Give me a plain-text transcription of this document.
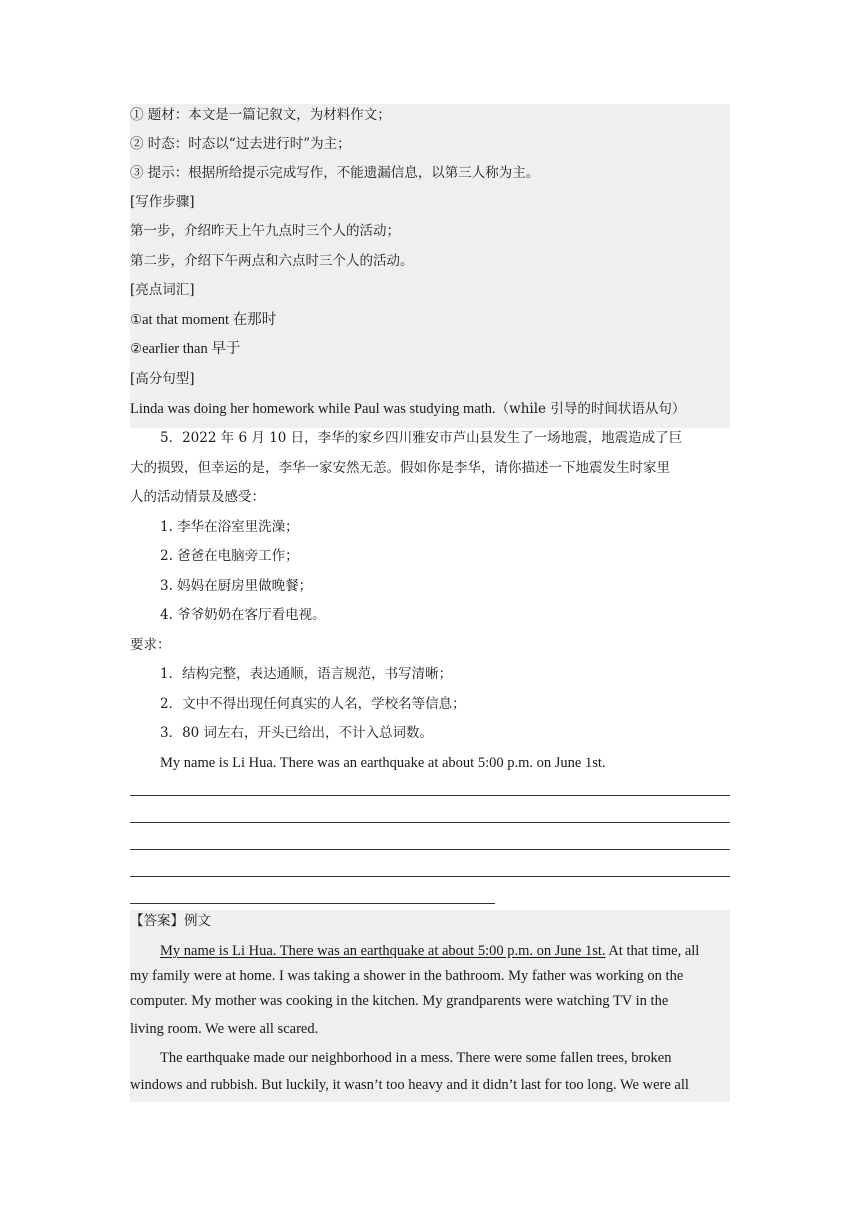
① 题材：本文是一篇记叙文，为材料作文；
② 时态：时态以“过去进行时”为主；
③ 提示：根据所给提示完成写作，不能遗漏信息，以第三人称为主。
[写作步骤]
第一步，介绍昨天上午九点时三个人的活动；
第二步，介绍下午两点和六点时三个人的活动。
[亮点词汇]
①at that moment 在那时
②earlier than 早于
[高分句型]
Linda was doing her homework while Paul was studying math.（while 引导的时间状语从句）
5．2022 年 6 月 10 日，李华的家乡四川雅安市芦山县发生了一场地震，地震造成了巨
大的损毁，但幸运的是，李华一家安然无恙。假如你是李华，请你描述一下地震发生时家里
人的活动情景及感受：
1. 李华在浴室里洗澡；
2. 爸爸在电脑旁工作；
3. 妈妈在厨房里做晚餐；
4. 爷爷奶奶在客厅看电视。
要求：
1．结构完整，表达通顺，语言规范，书写清晰；
2．文中不得出现任何真实的人名，学校名等信息；
3．80 词左右，开头已给出，不计入总词数。
My name is Li Hua. There was an earthquake at about 5:00 p.m. on June 1st.
【答案】例文
My name is Li Hua. There was an earthquake at about 5:00 p.m. on June 1st. At that time, all
my family were at home. I was taking a shower in the bathroom. My father was working on the
computer. My mother was cooking in the kitchen. My grandparents were watching TV in the
living room. We were all scared.
The earthquake made our neighborhood in a mess. There were some fallen trees, broken
windows and rubbish. But luckily, it wasn’t too heavy and it didn’t last for too long. We were all
